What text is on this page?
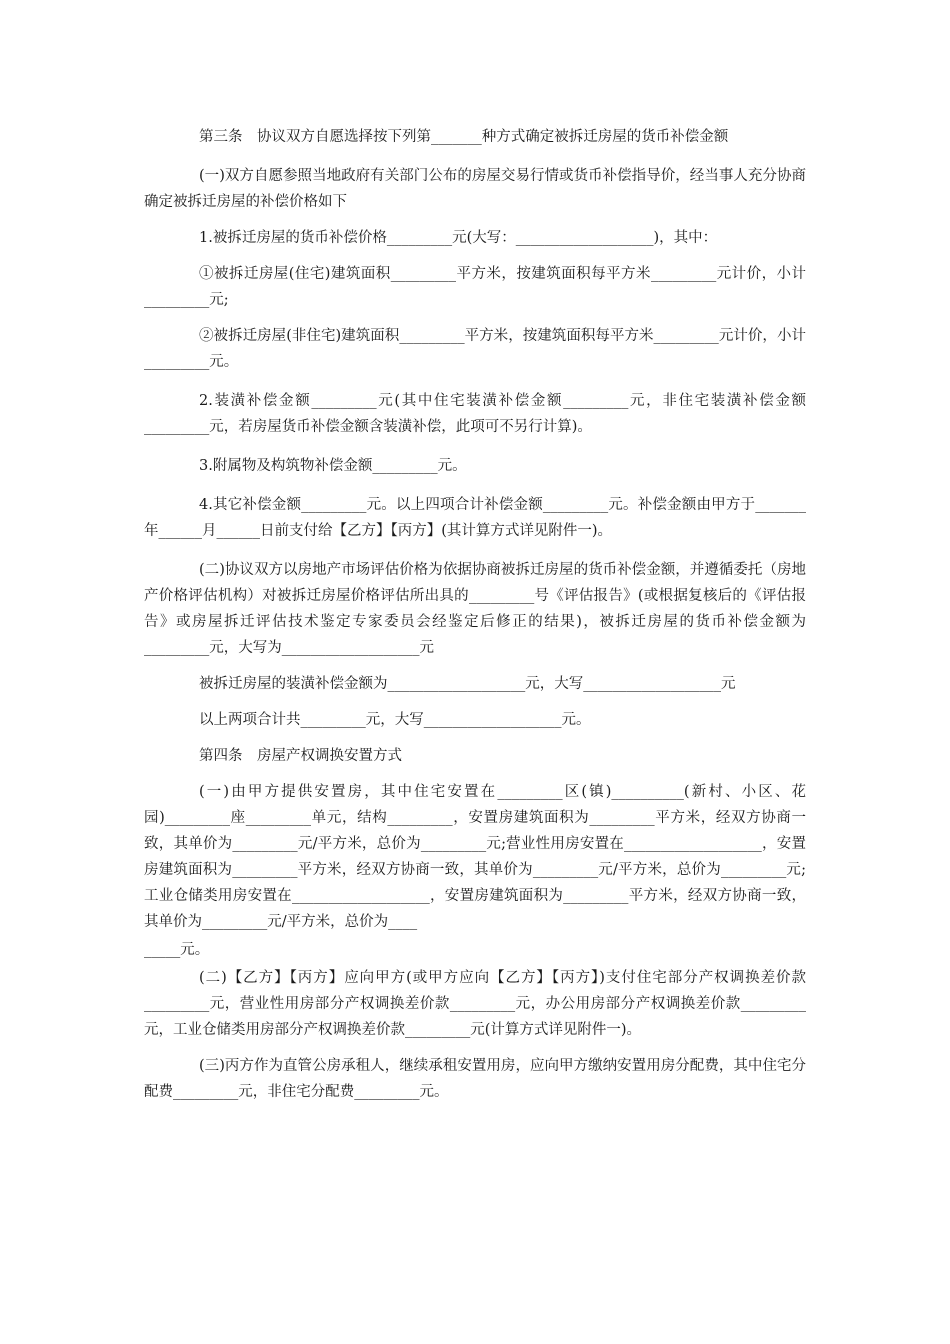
第三条　协议双方自愿选择按下列第_______种方式确定被拆迁房屋的货币补偿金额

(一)双方自愿参照当地政府有关部门公布的房屋交易行情或货币补偿指导价，经当事人充分协商确定被拆迁房屋的补偿价格如下

1.被拆迁房屋的货币补偿价格_________元(大写：___________________)，其中：

①被拆迁房屋(住宅)建筑面积_________平方米，按建筑面积每平方米_________元计价，小计_________元;

②被拆迁房屋(非住宅)建筑面积_________平方米，按建筑面积每平方米_________元计价，小计_________元。

2.装潢补偿金额_________元(其中住宅装潢补偿金额_________元，非住宅装潢补偿金额_________元，若房屋货币补偿金额含装潢补偿，此项可不另行计算)。

3.附属物及构筑物补偿金额_________元。

4.其它补偿金额_________元。以上四项合计补偿金额_________元。补偿金额由甲方于_______年______月______日前支付给【乙方】【丙方】(其计算方式详见附件一)。

(二)协议双方以房地产市场评估价格为依据协商被拆迁房屋的货币补偿金额，并遵循委托（房地产价格评估机构）对被拆迁房屋价格评估所出具的_________号《评估报告》(或根据复核后的《评估报告》或房屋拆迁评估技术鉴定专家委员会经鉴定后修正的结果)，被拆迁房屋的货币补偿金额为_________元，大写为___________________元

被拆迁房屋的装潢补偿金额为___________________元，大写___________________元

以上两项合计共_________元，大写___________________元。

第四条　房屋产权调换安置方式

(一)由甲方提供安置房，其中住宅安置在_________区(镇)__________(新村、小区、花园)_________座_________单元，结构_________，安置房建筑面积为_________平方米，经双方协商一致，其单价为_________元/平方米，总价为_________元;营业性用房安置在___________________，安置房建筑面积为_________平方米，经双方协商一致，其单价为_________元/平方米，总价为_________元;工业仓储类用房安置在___________________，安置房建筑面积为_________平方米，经双方协商一致，其单价为_________元/平方米，总价为____

_____元。

(二)【乙方】【丙方】应向甲方(或甲方应向【乙方】【丙方】)支付住宅部分产权调换差价款_________元，营业性用房部分产权调换差价款_________元，办公用房部分产权调换差价款_________元，工业仓储类用房部分产权调换差价款_________元(计算方式详见附件一)。

(三)丙方作为直管公房承租人，继续承租安置用房，应向甲方缴纳安置用房分配费，其中住宅分配费_________元，非住宅分配费_________元。
